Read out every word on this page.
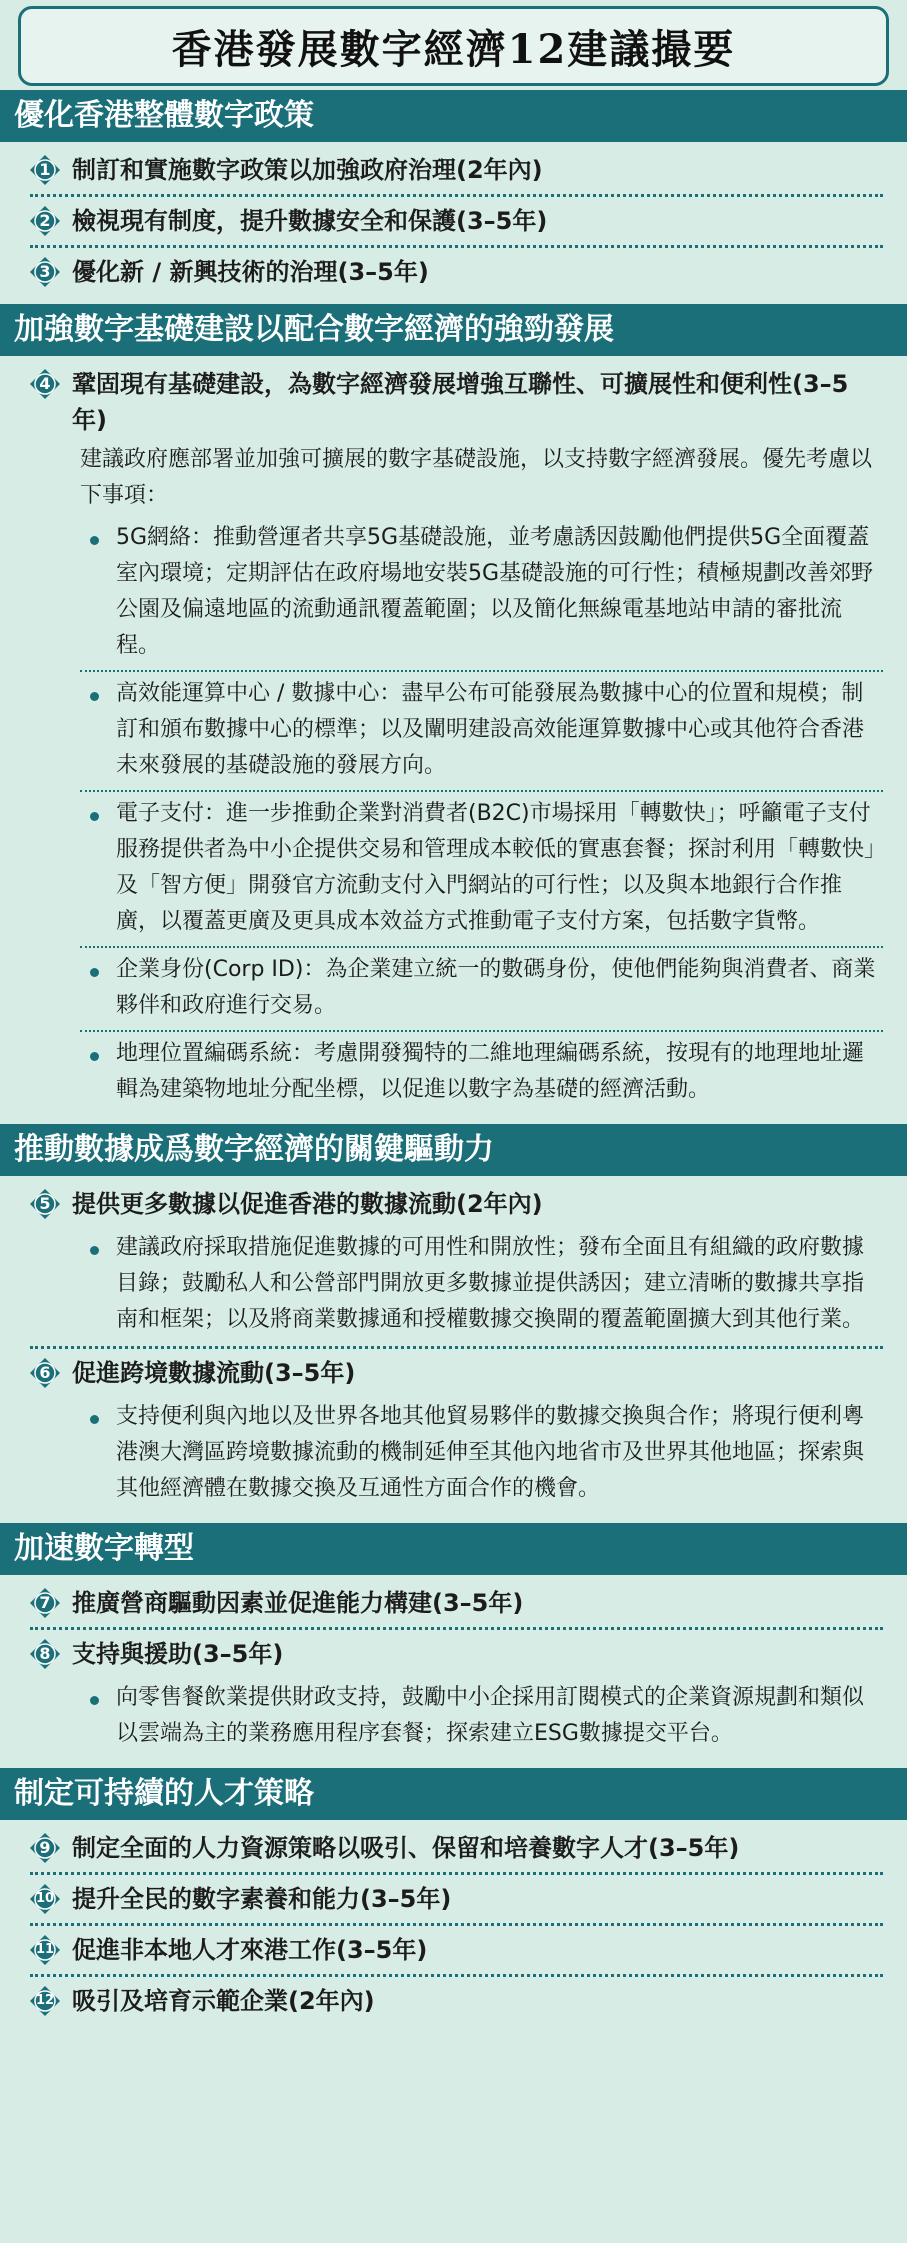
香港發展數字經濟12建議撮要
優化香港整體數字政策
1 制訂和實施數字政策以加強政府治理(2年內)
2 檢視現有制度，提升數據安全和保護(3–5年)
3 優化新 / 新興技術的治理(3–5年)
加強數字基礎建設以配合數字經濟的強勁發展
4 鞏固現有基礎建設，為數字經濟發展增強互聯性、可擴展性和便利性(3–5年)
建議政府應部署並加強可擴展的數字基礎設施，以支持數字經濟發展。優先考慮以下事項：
5G網絡：推動營運者共享5G基礎設施，並考慮誘因鼓勵他們提供5G全面覆蓋室內環境；定期評估在政府場地安裝5G基礎設施的可行性；積極規劃改善郊野公園及偏遠地區的流動通訊覆蓋範圍；以及簡化無線電基地站申請的審批流程。
高效能運算中心 / 數據中心：盡早公布可能發展為數據中心的位置和規模；制訂和頒布數據中心的標準；以及闡明建設高效能運算數據中心或其他符合香港未來發展的基礎設施的發展方向。
電子支付：進一步推動企業對消費者(B2C)市場採用「轉數快」；呼籲電子支付服務提供者為中小企提供交易和管理成本較低的實惠套餐；探討利用「轉數快」及「智方便」開發官方流動支付入門網站的可行性；以及與本地銀行合作推廣，以覆蓋更廣及更具成本效益方式推動電子支付方案，包括數字貨幣。
企業身份(Corp ID)：為企業建立統一的數碼身份，使他們能夠與消費者、商業夥伴和政府進行交易。
地理位置編碼系統：考慮開發獨特的二維地理編碼系統，按現有的地理地址邏輯為建築物地址分配坐標，以促進以數字為基礎的經濟活動。
推動數據成爲數字經濟的關鍵驅動力
5 提供更多數據以促進香港的數據流動(2年內)
建議政府採取措施促進數據的可用性和開放性；發布全面且有組織的政府數據目錄；鼓勵私人和公營部門開放更多數據並提供誘因；建立清晰的數據共享指南和框架；以及將商業數據通和授權數據交換閘的覆蓋範圍擴大到其他行業。
6 促進跨境數據流動(3–5年)
支持便利與內地以及世界各地其他貿易夥伴的數據交換與合作；將現行便利粵港澳大灣區跨境數據流動的機制延伸至其他內地省市及世界其他地區；探索與其他經濟體在數據交換及互通性方面合作的機會。
加速數字轉型
7 推廣營商驅動因素並促進能力構建(3–5年)
8 支持與援助(3–5年)
向零售餐飲業提供財政支持，鼓勵中小企採用訂閱模式的企業資源規劃和類似以雲端為主的業務應用程序套餐；探索建立ESG數據提交平台。
制定可持續的人才策略
9 制定全面的人力資源策略以吸引、保留和培養數字人才(3–5年)
10 提升全民的數字素養和能力(3–5年)
11 促進非本地人才來港工作(3–5年)
12 吸引及培育示範企業(2年內)
